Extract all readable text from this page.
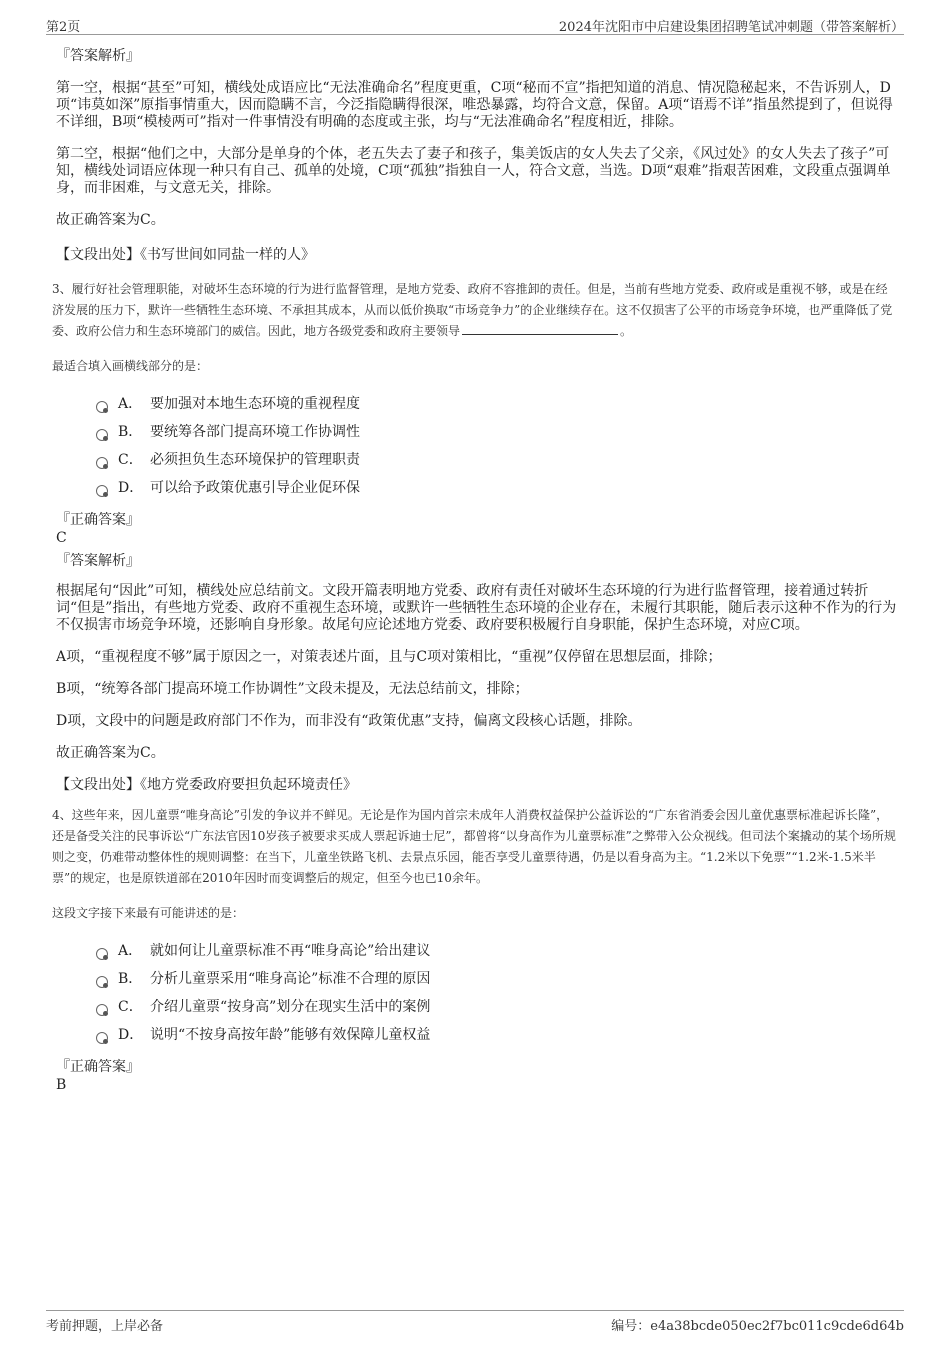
第2页	2024年沈阳市中启建设集团招聘笔试冲刺题（带答案解析）
『答案解析』

第一空，根据“甚至”可知，横线处成语应比“无法准确命名”程度更重，C项“秘而不宣”指把知道的消息、情况隐秘起来，不告诉别人，D项“讳莫如深”原指事情重大，因而隐瞒不言，今泛指隐瞒得很深，唯恐暴露，均符合文意，保留。A项“语焉不详”指虽然提到了，但说得不详细，B项“模棱两可”指对一件事情没有明确的态度或主张，均与“无法准确命名”程度相近，排除。

第二空，根据“他们之中，大部分是单身的个体，老五失去了妻子和孩子，集美饭店的女人失去了父亲，《风过处》的女人失去了孩子”可知，横线处词语应体现一种只有自己、孤单的处境，C项“孤独”指独自一人，符合文意，当选。D项“艰难”指艰苦困难，文段重点强调单身，而非困难，与文意无关，排除。

故正确答案为C。

【文段出处】《书写世间如同盐一样的人》

3、履行好社会管理职能，对破坏生态环境的行为进行监督管理，是地方党委、政府不容推卸的责任。但是，当前有些地方党委、政府或是重视不够，或是在经济发展的压力下，默许一些牺牲生态环境、不承担其成本，从而以低价换取“市场竞争力”的企业继续存在。这不仅损害了公平的市场竞争环境，也严重降低了党委、政府公信力和生态环境部门的威信。因此，地方各级党委和政府主要领导	。

最适合填入画横线部分的是：

A． 要加强对本地生态环境的重视程度
B． 要统筹各部门提高环境工作协调性
C． 必须担负生态环境保护的管理职责
D． 可以给予政策优惠引导企业促环保
『正确答案』
C
『答案解析』

根据尾句“因此”可知，横线处应总结前文。文段开篇表明地方党委、政府有责任对破坏生态环境的行为进行监督管理，接着通过转折词“但是”指出，有些地方党委、政府不重视生态环境，或默许一些牺牲生态环境的企业存在，未履行其职能，随后表示这种不作为的行为不仅损害市场竞争环境，还影响自身形象。故尾句应论述地方党委、政府要积极履行自身职能，保护生态环境，对应C项。

A项，“重视程度不够”属于原因之一，对策表述片面，且与C项对策相比，“重视”仅停留在思想层面，排除；

B项，“统筹各部门提高环境工作协调性”文段未提及，无法总结前文，排除；

D项，文段中的问题是政府部门不作为，而非没有“政策优惠”支持，偏离文段核心话题，排除。

故正确答案为C。

【文段出处】《地方党委政府要担负起环境责任》

4、这些年来，因儿童票“唯身高论”引发的争议并不鲜见。无论是作为国内首宗未成年人消费权益保护公益诉讼的“广东省消委会因儿童优惠票标准起诉长隆”，还是备受关注的民事诉讼“广东法官因10岁孩子被要求买成人票起诉迪士尼”，都曾将“以身高作为儿童票标准”之弊带入公众视线。但司法个案撬动的某个场所规则之变，仍难带动整体性的规则调整：在当下，儿童坐铁路飞机、去景点乐园，能否享受儿童票待遇，仍是以看身高为主。“1.2米以下免票”“1.2米-1.5米半票”的规定，也是原铁道部在2010年因时而变调整后的规定，但至今也已10余年。

这段文字接下来最有可能讲述的是：

A． 就如何让儿童票标准不再“唯身高论”给出建议
B． 分析儿童票采用“唯身高论”标准不合理的原因
C． 介绍儿童票“按身高”划分在现实生活中的案例
D． 说明“不按身高按年龄”能够有效保障儿童权益
『正确答案』
B
考前押题，上岸必备	编号：e4a38bcde050ec2f7bc011c9cde6d64b
